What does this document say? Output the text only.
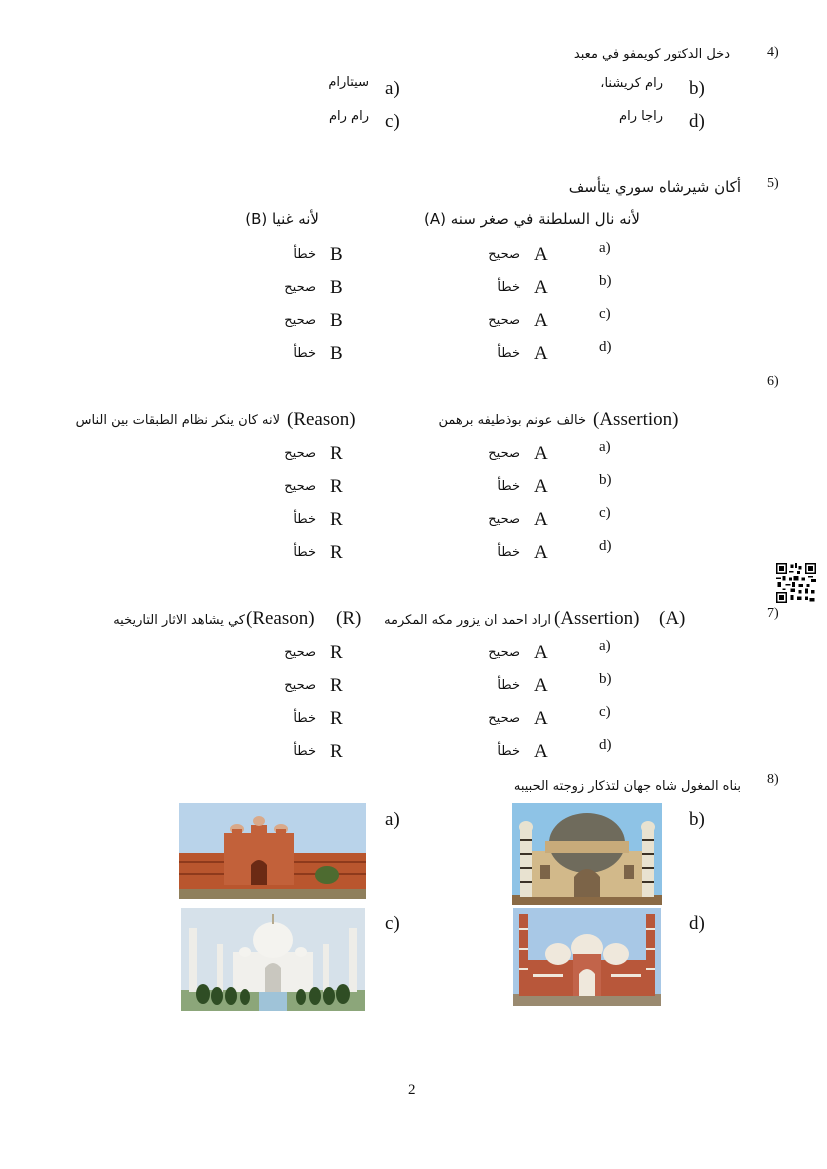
4)
دخل الدكتور كويمفو في معبد
b)
رام كريشنا،
a)
سيتارام
d)
راجا رام
c)
رام رام
5)
أكان شيرشاه سوري يتأسف
(A) لأنه نال السلطنة في صغر سنه
(B) لأنه غنيا
a)
A
صحيح
B
خطأ
b)
A
خطأ
B
صحيح
c)
A
صحيح
B
صحيح
d)
A
خطأ
B
خطأ
6)
(Assertion)
خالف عونم بوذطيفه برهمن
(Reason)
لانه كان ينكر نظام الطبقات بين الناس
a)
A
صحيح
R
صحيح
b)
A
خطأ
R
صحيح
c)
A
صحيح
R
خطأ
d)
A
خطأ
R
خطأ
7)
(A)
(Assertion)
اراد احمد ان يزور مكه المكرمه
(R)
(Reason)
كي يشاهد الاثار التاريخيه
a)
A
صحيح
R
صحيح
b)
A
خطأ
R
صحيح
c)
A
صحيح
R
خطأ
d)
A
خطأ
R
خطأ
8)
بناه المغول شاه جهان لتذكار زوجته الحبيبه
b)
a)
d)
c)
2
